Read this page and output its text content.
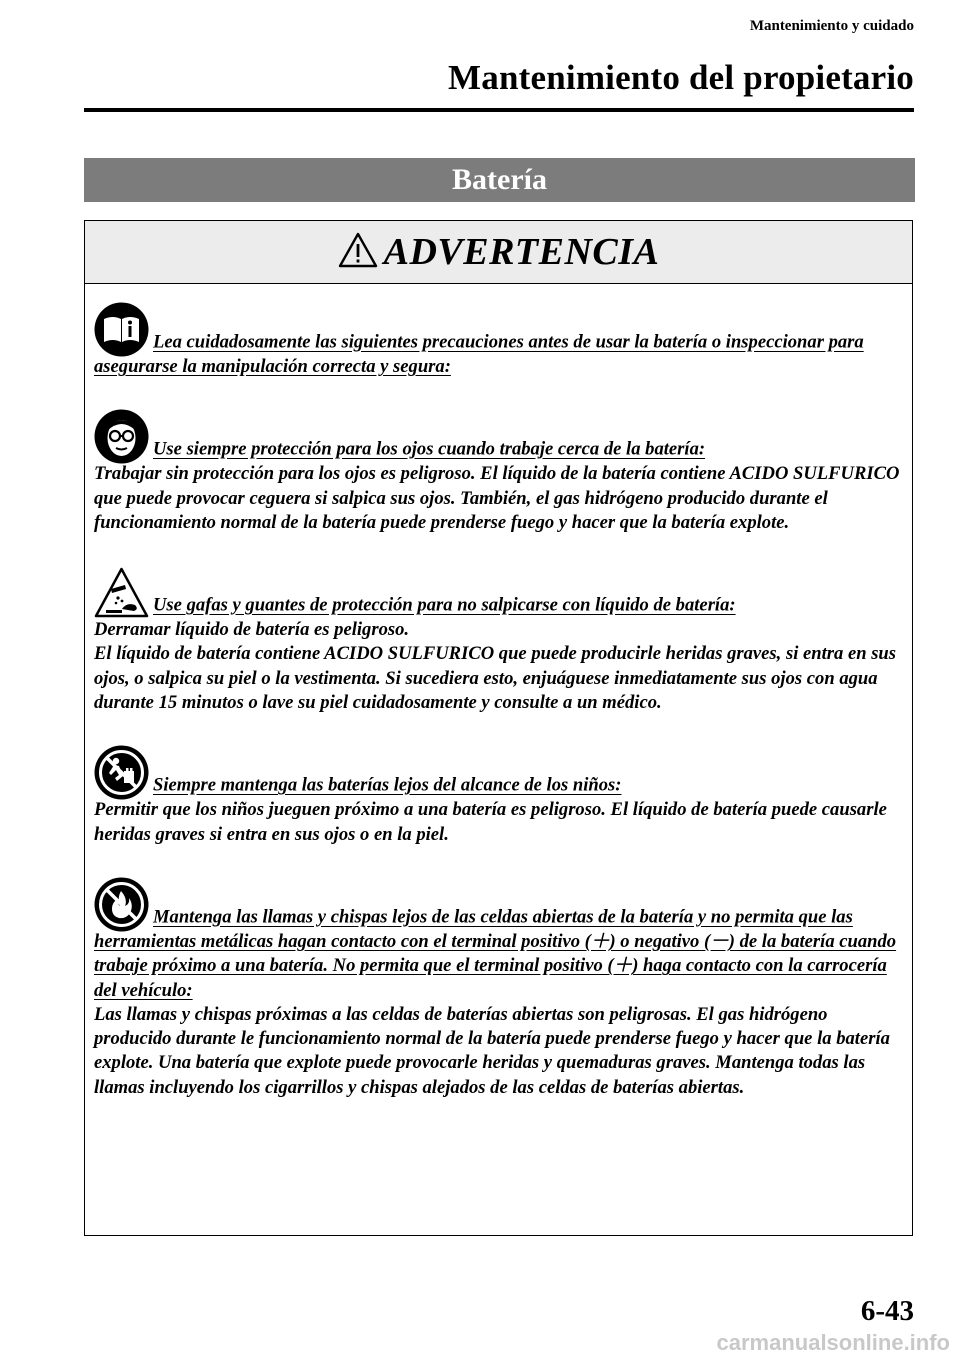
Mantenimiento y cuidado
Mantenimiento del propietario
Batería
ADVERTENCIA
Lea cuidadosamente las siguientes precauciones antes de usar la batería o inspeccionar para asegurarse la manipulación correcta y segura:
Use siempre protección para los ojos cuando trabaje cerca de la batería:
Trabajar sin protección para los ojos es peligroso. El líquido de la batería contiene ACIDO SULFURICO que puede provocar ceguera si salpica sus ojos. También, el gas hidrógeno producido durante el funcionamiento normal de la batería puede prenderse fuego y hacer que la batería explote.
Use gafas y guantes de protección para no salpicarse con líquido de batería:
Derramar líquido de batería es peligroso.
El líquido de batería contiene ACIDO SULFURICO que puede producirle heridas graves, si entra en sus ojos, o salpica su piel o la vestimenta. Si sucediera esto, enjuáguese inmediatamente sus ojos con agua durante 15 minutos o lave su piel cuidadosamente y consulte a un médico.
Siempre mantenga las baterías lejos del alcance de los niños:
Permitir que los niños jueguen próximo a una batería es peligroso. El líquido de batería puede causarle heridas graves si entra en sus ojos o en la piel.
Mantenga las llamas y chispas lejos de las celdas abiertas de la batería y no permita que las herramientas metálicas hagan contacto con el terminal positivo (＋) o negativo (－) de la batería cuando trabaje próximo a una batería. No permita que el terminal positivo (＋) haga contacto con la carrocería del vehículo:
Las llamas y chispas próximas a las celdas de baterías abiertas son peligrosas. El gas hidrógeno producido durante le funcionamiento normal de la batería puede prenderse fuego y hacer que la batería explote. Una batería que explote puede provocarle heridas y quemaduras graves. Mantenga todas las llamas incluyendo los cigarrillos y chispas alejados de las celdas de baterías abiertas.
6-43
carmanualsonline.info
